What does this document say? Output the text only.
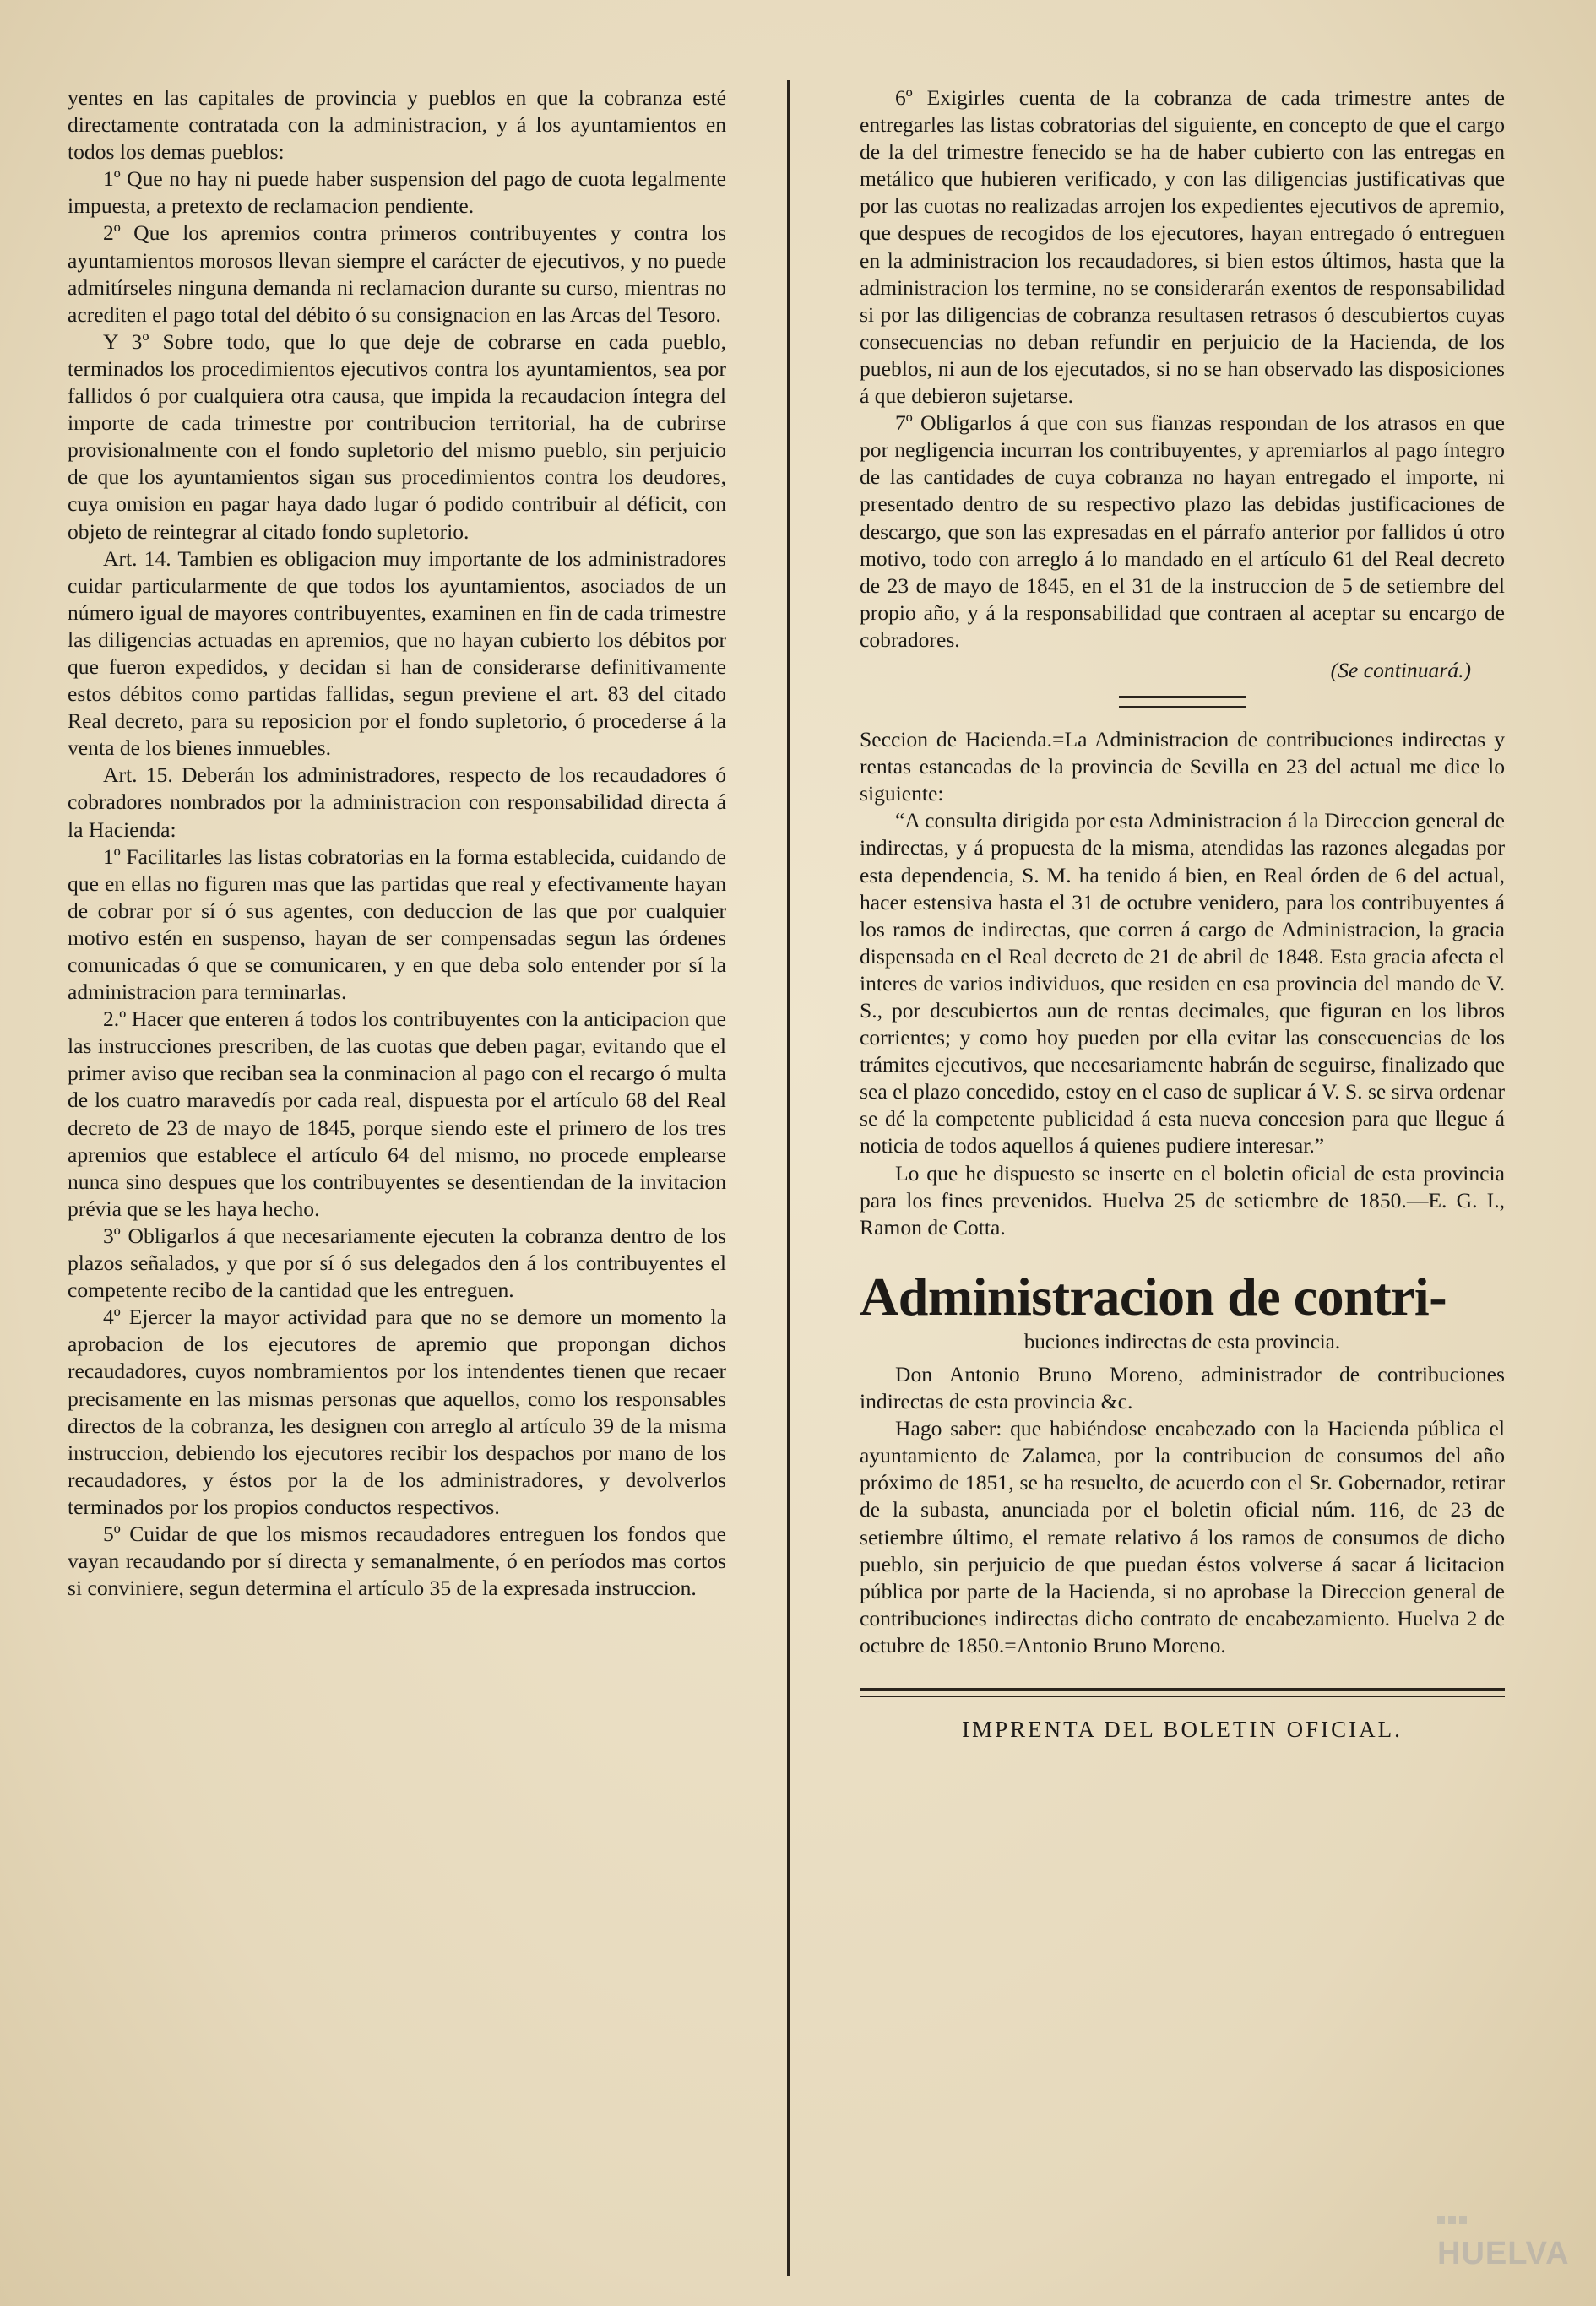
yentes en las capitales de provincia y pueblos en que la cobranza esté directamente contratada con la administracion, y á los ayuntamientos en todos los demas pueblos:

1º Que no hay ni puede haber suspension del pago de cuota legalmente impuesta, a pretexto de reclamacion pendiente.

2º Que los apremios contra primeros contribuyentes y contra los ayuntamientos morosos llevan siempre el carácter de ejecutivos, y no puede admitírseles ninguna demanda ni reclamacion durante su curso, mientras no acrediten el pago total del débito ó su consignacion en las Arcas del Tesoro.

Y 3º Sobre todo, que lo que deje de cobrarse en cada pueblo, terminados los procedimientos ejecutivos contra los ayuntamientos, sea por fallidos ó por cualquiera otra causa, que impida la recaudacion íntegra del importe de cada trimestre por contribucion territorial, ha de cubrirse provisionalmente con el fondo supletorio del mismo pueblo, sin perjuicio de que los ayuntamientos sigan sus procedimientos contra los deudores, cuya omision en pagar haya dado lugar ó podido contribuir al déficit, con objeto de reintegrar al citado fondo supletorio.

Art. 14. Tambien es obligacion muy importante de los administradores cuidar particularmente de que todos los ayuntamientos, asociados de un número igual de mayores contribuyentes, examinen en fin de cada trimestre las diligencias actuadas en apremios, que no hayan cubierto los débitos por que fueron expedidos, y decidan si han de considerarse definitivamente estos débitos como partidas fallidas, segun previene el art. 83 del citado Real decreto, para su reposicion por el fondo supletorio, ó procederse á la venta de los bienes inmuebles.

Art. 15. Deberán los administradores, respecto de los recaudadores ó cobradores nombrados por la administracion con responsabilidad directa á la Hacienda:

1º Facilitarles las listas cobratorias en la forma establecida, cuidando de que en ellas no figuren mas que las partidas que real y efectivamente hayan de cobrar por sí ó sus agentes, con deduccion de las que por cualquier motivo estén en suspenso, hayan de ser compensadas segun las órdenes comunicadas ó que se comunicaren, y en que deba solo entender por sí la administracion para terminarlas.

2.º Hacer que enteren á todos los contribuyentes con la anticipacion que las instrucciones prescriben, de las cuotas que deben pagar, evitando que el primer aviso que reciban sea la conminacion al pago con el recargo ó multa de los cuatro maravedís por cada real, dispuesta por el artículo 68 del Real decreto de 23 de mayo de 1845, porque siendo este el primero de los tres apremios que establece el artículo 64 del mismo, no procede emplearse nunca sino despues que los contribuyentes se desentiendan de la invitacion prévia que se les haya hecho.

3º Obligarlos á que necesariamente ejecuten la cobranza dentro de los plazos señalados, y que por sí ó sus delegados den á los contribuyentes el competente recibo de la cantidad que les entreguen.

4º Ejercer la mayor actividad para que no se demore un momento la aprobacion de los ejecutores de apremio que propongan dichos recaudadores, cuyos nombramientos por los intendentes tienen que recaer precisamente en las mismas personas que aquellos, como los responsables directos de la cobranza, les designen con arreglo al artículo 39 de la misma instruccion, debiendo los ejecutores recibir los despachos por mano de los recaudadores, y éstos por la de los administradores, y devolverlos terminados por los propios conductos respectivos.

5º Cuidar de que los mismos recaudadores entreguen los fondos que vayan recaudando por sí directa y semanalmente, ó en períodos mas cortos si conviniere, segun determina el artículo 35 de la expresada instruccion.

6º Exigirles cuenta de la cobranza de cada trimestre antes de entregarles las listas cobratorias del siguiente, en concepto de que el cargo de la del trimestre fenecido se ha de haber cubierto con las entregas en metálico que hubieren verificado, y con las diligencias justificativas que por las cuotas no realizadas arrojen los expedientes ejecutivos de apremio, que despues de recogidos de los ejecutores, hayan entregado ó entreguen en la administracion los recaudadores, si bien estos últimos, hasta que la administracion los termine, no se considerarán exentos de responsabilidad si por las diligencias de cobranza resultasen retrasos ó descubiertos cuyas consecuencias no deban refundir en perjuicio de la Hacienda, de los pueblos, ni aun de los ejecutados, si no se han observado las disposiciones á que debieron sujetarse.

7º Obligarlos á que con sus fianzas respondan de los atrasos en que por negligencia incurran los contribuyentes, y apremiarlos al pago íntegro de las cantidades de cuya cobranza no hayan entregado el importe, ni presentado dentro de su respectivo plazo las debidas justificaciones de descargo, que son las expresadas en el párrafo anterior por fallidos ú otro motivo, todo con arreglo á lo mandado en el artículo 61 del Real decreto de 23 de mayo de 1845, en el 31 de la instruccion de 5 de setiembre del propio año, y á la responsabilidad que contraen al aceptar su encargo de cobradores.

(Se continuará.)

Seccion de Hacienda.=La Administracion de contribuciones indirectas y rentas estancadas de la provincia de Sevilla en 23 del actual me dice lo siguiente:

“A consulta dirigida por esta Administracion á la Direccion general de indirectas, y á propuesta de la misma, atendidas las razones alegadas por esta dependencia, S. M. ha tenido á bien, en Real órden de 6 del actual, hacer estensiva hasta el 31 de octubre venidero, para los contribuyentes á los ramos de indirectas, que corren á cargo de Administracion, la gracia dispensada en el Real decreto de 21 de abril de 1848. Esta gracia afecta el interes de varios individuos, que residen en esa provincia del mando de V. S., por descubiertos aun de rentas decimales, que figuran en los libros corrientes; y como hoy pueden por ella evitar las consecuencias de los trámites ejecutivos, que necesariamente habrán de seguirse, finalizado que sea el plazo concedido, estoy en el caso de suplicar á V. S. se sirva ordenar se dé la competente publicidad á esta nueva concesion para que llegue á noticia de todos aquellos á quienes pudiere interesar.”

Lo que he dispuesto se inserte en el boletin oficial de esta provincia para los fines prevenidos. Huelva 25 de setiembre de 1850.—E. G. I., Ramon de Cotta.

Administracion de contri-
buciones indirectas de esta provincia.

Don Antonio Bruno Moreno, administrador de contribuciones indirectas de esta provincia &c.

Hago saber: que habiéndose encabezado con la Hacienda pública el ayuntamiento de Zalamea, por la contribucion de consumos del año próximo de 1851, se ha resuelto, de acuerdo con el Sr. Gobernador, retirar de la subasta, anunciada por el boletin oficial núm. 116, de 23 de setiembre último, el remate relativo á los ramos de consumos de dicho pueblo, sin perjuicio de que puedan éstos volverse á sacar á licitacion pública por parte de la Hacienda, si no aprobase la Direccion general de contribuciones indirectas dicho contrato de encabezamiento. Huelva 2 de octubre de 1850.=Antonio Bruno Moreno.

IMPRENTA DEL BOLETIN OFICIAL.
HUELVA
